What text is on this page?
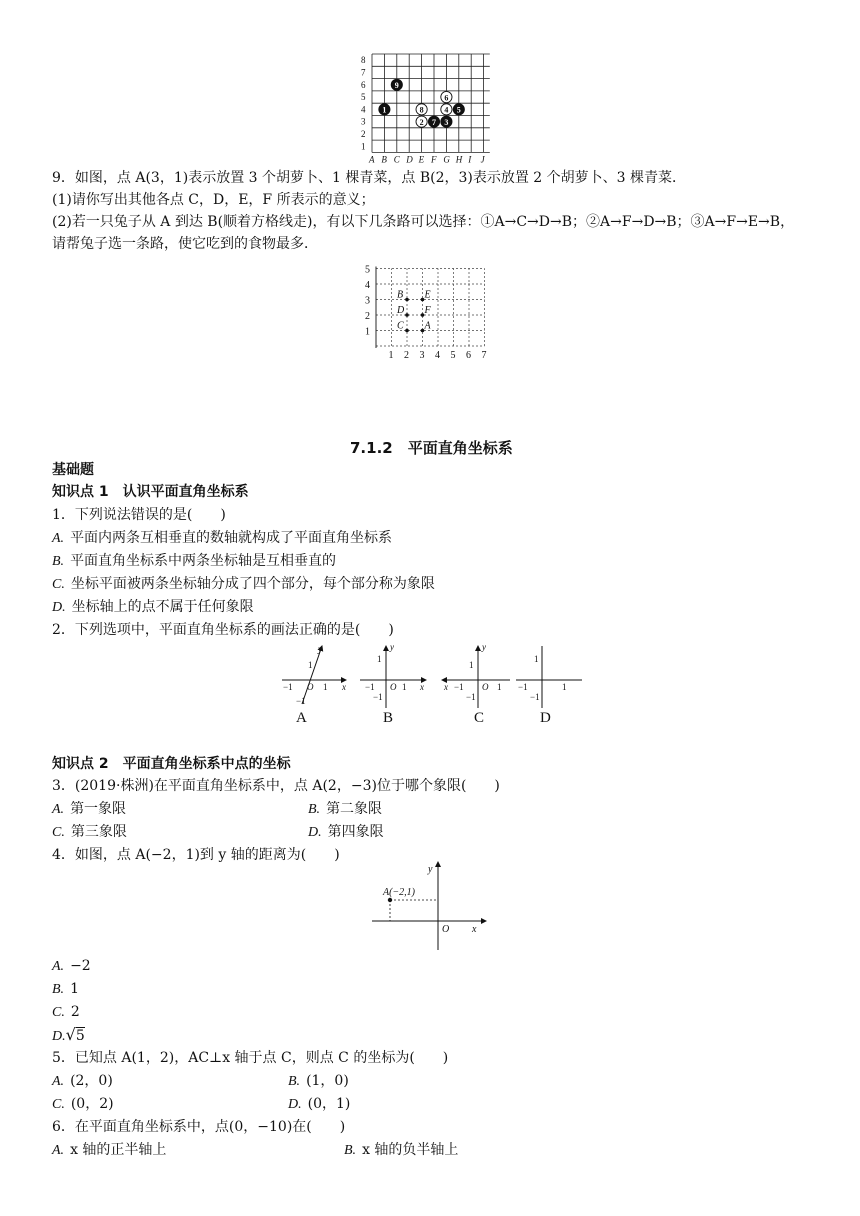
A B C D E F G H I J
1
2
3
4
5
6
7
8
9
1	8
6
4 5
2 7 3
9．如图，点 A(3，1)表示放置 3 个胡萝卜、1 棵青菜，点 B(2，3)表示放置 2 个胡萝卜、3 棵青菜．
(1)请你写出其他各点 C，D，E，F 所表示的意义；
(2)若一只兔子从 A 到达 B(顺着方格线走)，有以下几条路可以选择：①A→C→D→B；②A→F→D→B；③A→F→E→B，
请帮兔子选一条路，使它吃到的食物最多．
1 2 3 4 5 6 7
1
2
3
4
5
A
B
C
D
E
F
7.1.2　平面直角坐标系
基础题
知识点 1　认识平面直角坐标系
1．下列说法错误的是(　　)
A. 平面内两条互相垂直的数轴就构成了平面直角坐标系
B. 平面直角坐标系中两条坐标轴是互相垂直的
C. 坐标平面被两条坐标轴分成了四个部分，每个部分称为象限
D. 坐标轴上的点不属于任何象限
2．下列选项中，平面直角坐标系的画法正确的是(　　)
y
x
O
y
x
O
y
x	O
1
−1	1
−1
1
−1	1
−1
1
−1	1
−1
1
−1	1
−1
A	B	C	D
知识点 2　平面直角坐标系中点的坐标
3．(2019·株洲)在平面直角坐标系中，点 A(2，−3)位于哪个象限(　　)
A. 第一象限	B. 第二象限
C. 第三象限	D. 第四象限
4．如图，点 A(−2，1)到 y 轴的距离为(　　)
A(−2,1)
y
x
O
A. −2
B. 1
C. 2
D.√5
5．已知点 A(1，2)，AC⊥x 轴于点 C，则点 C 的坐标为(　　)
A. (2，0)	B. (1，0)
C. (0，2)	D. (0，1)
6．在平面直角坐标系中，点(0，−10)在(　　)
A. x 轴的正半轴上	B. x 轴的负半轴上
